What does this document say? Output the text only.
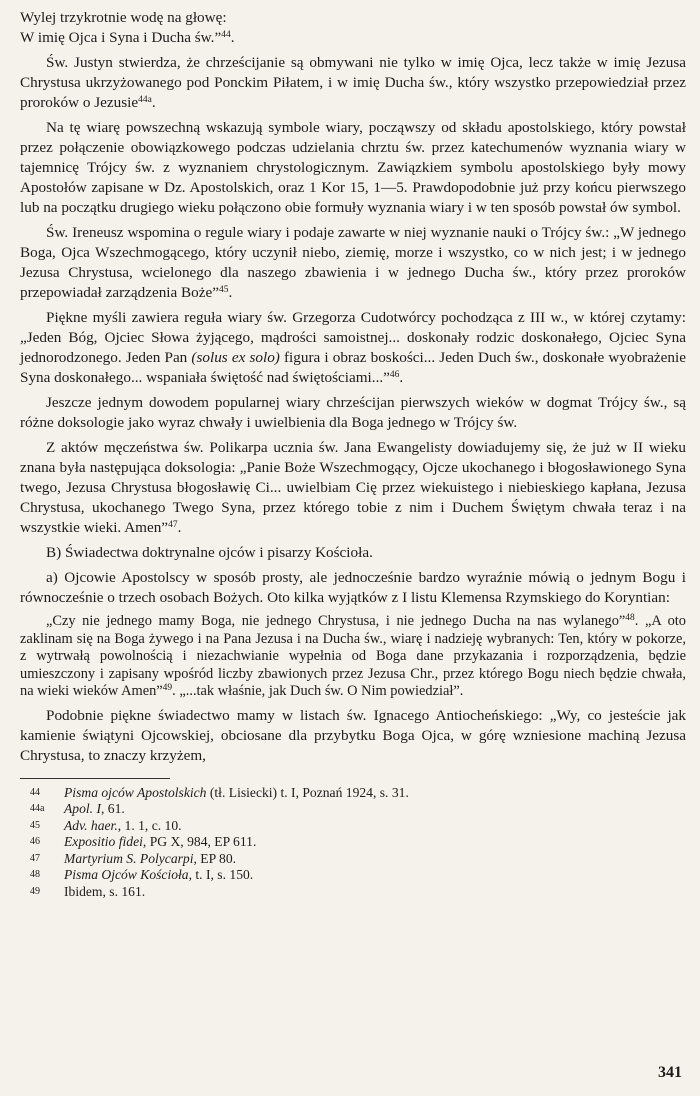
Wylej trzykrotnie wodę na głowę:
W imię Ojca i Syna i Ducha św.”$^{44}$.

Św. Justyn stwierdza, że chrześcijanie są obmywani nie tylko w imię Ojca, lecz także w imię Jezusa Chrystusa ukrzyżowanego pod Ponckim Piłatem, i w imię Ducha św., który wszystko przepowiedział przez proroków o Jezusie$^{44a}$.

Na tę wiarę powszechną wskazują symbole wiary, począwszy od składu apostolskiego, który powstał przez połączenie obowiązkowego podczas udzielania chrztu św. przez katechumenów wyznania wiary w tajemnicę Trójcy św. z wyznaniem chrystologicznym. Zawiązkiem symbolu apostolskiego były mowy Apostołów zapisane w Dz. Apostolskich, oraz 1 Kor 15, 1—5. Prawdopodobnie już przy końcu pierwszego lub na początku drugiego wieku połączono obie formuły wyznania wiary i w ten sposób powstał ów symbol.

Św. Ireneusz wspomina o regule wiary i podaje zawarte w niej wyznanie nauki o Trójcy św.: „W jednego Boga, Ojca Wszechmogącego, który uczynił niebo, ziemię, morze i wszystko, co w nich jest; i w jednego Jezusa Chrystusa, wcielonego dla naszego zbawienia i w jednego Ducha św., który przez proroków przepowiadał zarządzenia Boże”$^{45}$.

Piękne myśli zawiera reguła wiary św. Grzegorza Cudotwórcy pochodząca z III w., w której czytamy: „Jeden Bóg, Ojciec Słowa żyjącego, mądrości samoistnej... doskonały rodzic doskonałego, Ojciec Syna jednorodzonego. Jeden Pan (solus ex solo) figura i obraz boskości... Jeden Duch św., doskonałe wyobrażenie Syna doskonałego... wspaniała świętość nad świętościami...”$^{46}$.

Jeszcze jednym dowodem popularnej wiary chrześcijan pierwszych wieków w dogmat Trójcy św., są różne doksologie jako wyraz chwały i uwielbienia dla Boga jednego w Trójcy św.

Z aktów męczeństwa św. Polikarpa ucznia św. Jana Ewangelisty dowiadujemy się, że już w II wieku znana była następująca doksologia: „Panie Boże Wszechmogący, Ojcze ukochanego i błogosławionego Syna twego, Jezusa Chrystusa błogosławię Ci... uwielbiam Cię przez wiekuistego i niebieskiego kapłana, Jezusa Chrystusa, ukochanego Twego Syna, przez którego tobie z nim i Duchem Świętym chwała teraz i na wszystkie wieki. Amen”$^{47}$.

B) Świadectwa doktrynalne ojców i pisarzy Kościoła.

a) Ojcowie Apostolscy w sposób prosty, ale jednocześnie bardzo wyraźnie mówią o jednym Bogu i równocześnie o trzech osobach Bożych. Oto kilka wyjątków z I listu Klemensa Rzymskiego do Koryntian:

„Czy nie jednego mamy Boga, nie jednego Chrystusa, i nie jednego Ducha na nas wylanego”$^{48}$. „A oto zaklinam się na Boga żywego i na Pana Jezusa i na Ducha św., wiarę i nadzieję wybranych: Ten, który w pokorze, z wytrwałą powolnością i niezachwianie wypełnia od Boga dane przykazania i rozporządzenia, będzie umieszczony i zapisany wpośród liczby zbawionych przez Jezusa Chr., przez którego Bogu niech będzie chwała, na wieki wieków Amen”$^{49}$. „...tak właśnie, jak Duch św. O Nim powiedział”.

Podobnie piękne świadectwo mamy w listach św. Ignacego Antiocheńskiego: „Wy, co jesteście jak kamienie świątyni Ojcowskiej, obciosane dla przybytku Boga Ojca, w górę wzniesione machiną Jezusa Chrystusa, to znaczy krzyżem,

44 Pisma ojców Apostolskich (tł. Lisiecki) t. I, Poznań 1924, s. 31.
44a Apol. I, 61.
45 Adv. haer., 1. 1, c. 10.
46 Expositio fidei, PG X, 984, EP 611.
47 Martyrium S. Polycarpi, EP 80.
48 Pisma Ojców Kościoła, t. I, s. 150.
49 Ibidem, s. 161.
341
